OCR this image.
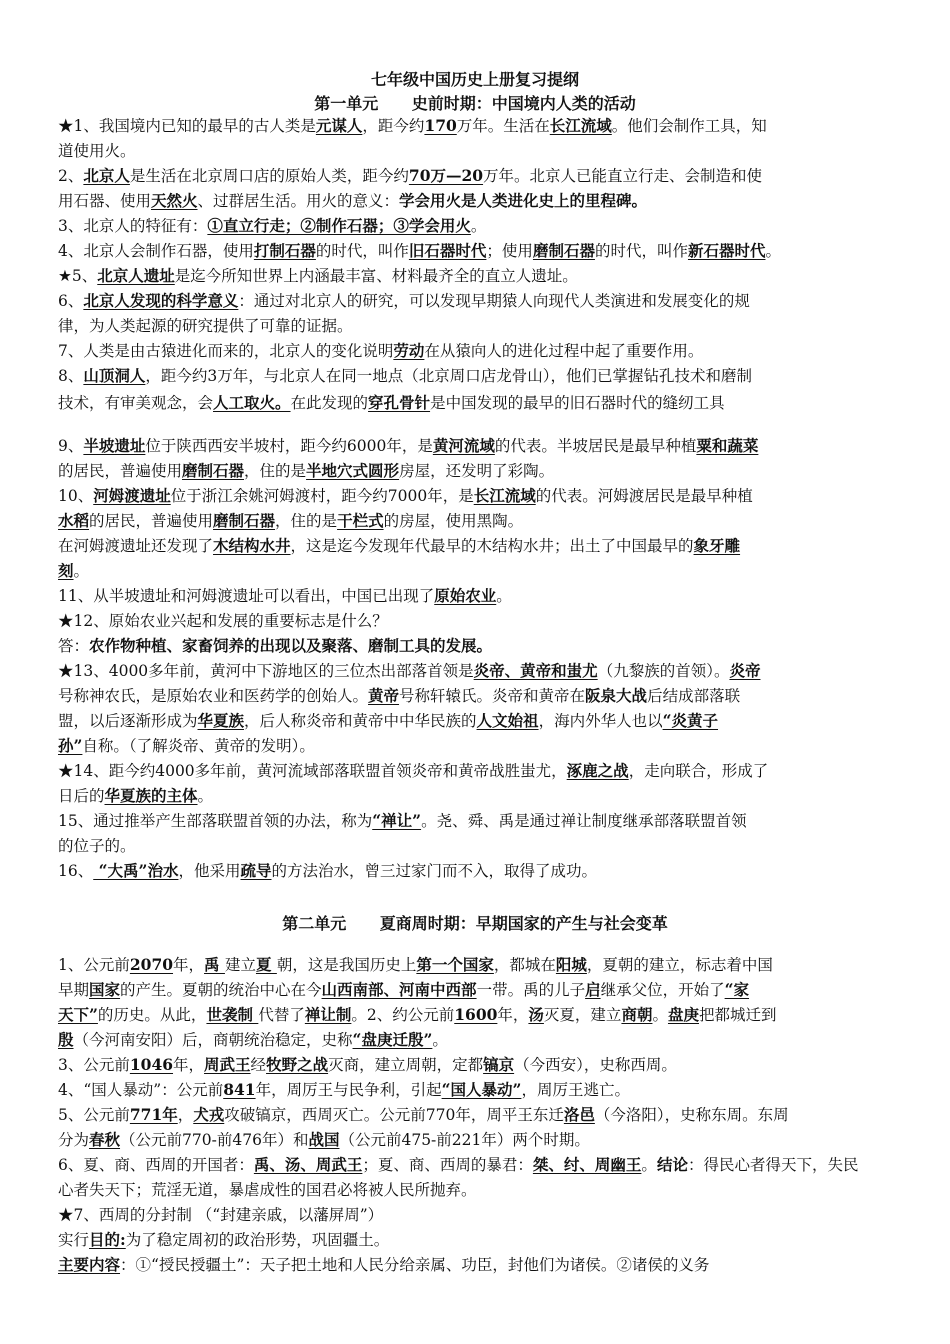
七年级中国历史上册复习提纲
第一单元      史前时期：中国境内人类的活动
★1、我国境内已知的最早的古人类是元谋人，距今约170万年。生活在长江流域。他们会制作工具，知
道使用火。
2、北京人是生活在北京周口店的原始人类，距今约70万—20万年。北京人已能直立行走、会制造和使
用石器、使用天然火、过群居生活。用火的意义：学会用火是人类进化史上的里程碑。
3、北京人的特征有：①直立行走；②制作石器；③学会用火。
4、北京人会制作石器，使用打制石器的时代，叫作旧石器时代；使用磨制石器的时代，叫作新石器时代。
★5、北京人遗址是迄今所知世界上内涵最丰富、材料最齐全的直立人遗址。
6、北京人发现的科学意义：通过对北京人的研究，可以发现早期猿人向现代人类演进和发展变化的规
律，为人类起源的研究提供了可靠的证据。
7、人类是由古猿进化而来的，北京人的变化说明劳动在从猿向人的进化过程中起了重要作用。
8、山顶洞人，距今约3万年，与北京人在同一地点（北京周口店龙骨山），他们已掌握钻孔技术和磨制
技术，有审美观念，会人工取火。在此发现的穿孔骨针是中国发现的最早的旧石器时代的缝纫工具
9、半坡遗址位于陕西西安半坡村，距今约6000年，是黄河流域的代表。半坡居民是最早种植粟和蔬菜
的居民，普遍使用磨制石器，住的是半地穴式圆形房屋，还发明了彩陶。
10、河姆渡遗址位于浙江余姚河姆渡村，距今约7000年，是长江流域的代表。河姆渡居民是最早种植
水稻的居民，普遍使用磨制石器，住的是干栏式的房屋，使用黑陶。
在河姆渡遗址还发现了木结构水井，这是迄今发现年代最早的木结构水井；出土了中国最早的象牙雕
刻。
11、从半坡遗址和河姆渡遗址可以看出，中国已出现了原始农业。
★12、原始农业兴起和发展的重要标志是什么？
答：农作物种植、家畜饲养的出现以及聚落、磨制工具的发展。
★13、4000多年前，黄河中下游地区的三位杰出部落首领是炎帝、黄帝和蚩尤（九黎族的首领）。炎帝
号称神农氏，是原始农业和医药学的创始人。黄帝号称轩辕氏。炎帝和黄帝在阪泉大战后结成部落联
盟，以后逐渐形成为华夏族，后人称炎帝和黄帝中中华民族的人文始祖，海内外华人也以“炎黄子
孙”自称。（了解炎帝、黄帝的发明）。
★14、距今约4000多年前，黄河流域部落联盟首领炎帝和黄帝战胜蚩尤，涿鹿之战，走向联合，形成了
日后的华夏族的主体。
15、通过推举产生部落联盟首领的办法，称为“禅让”。尧、舜、禹是通过禅让制度继承部落联盟首领
的位子的。
16、 “大禹”治水，他采用疏导的方法治水，曾三过家门而不入，取得了成功。
第二单元      夏商周时期：早期国家的产生与社会变革
1、公元前2070年，禹 建立夏 朝，这是我国历史上第一个国家，都城在阳城，夏朝的建立，标志着中国
早期国家的产生。夏朝的统治中心在今山西南部、河南中西部一带。禹的儿子启继承父位，开始了“家
天下”的历史。从此，世袭制 代替了禅让制。2、约公元前1600年，汤灭夏，建立商朝。盘庚把都城迁到
殷（今河南安阳）后，商朝统治稳定，史称“盘庚迁殷”。
3、公元前1046年，周武王经牧野之战灭商，建立周朝，定都镐京（今西安），史称西周。
4、“国人暴动”：公元前841年，周厉王与民争利，引起“国人暴动”，周厉王逃亡。
5、公元前771年，犬戎攻破镐京，西周灭亡。公元前770年，周平王东迁洛邑（今洛阳），史称东周。东周
分为春秋（公元前770-前476年）和战国（公元前475-前221年）两个时期。
6、夏、商、西周的开国者：禹、汤、周武王；夏、商、西周的暴君：桀、纣、周幽王。结论：得民心者得天下，失民
心者失天下；荒淫无道，暴虐成性的国君必将被人民所抛弃。
★7、西周的分封制 （“封建亲戚，以藩屏周”）
实行目的:为了稳定周初的政治形势，巩固疆土。
主要内容：①“授民授疆土”：天子把土地和人民分给亲属、功臣，封他们为诸侯。②诸侯的义务
